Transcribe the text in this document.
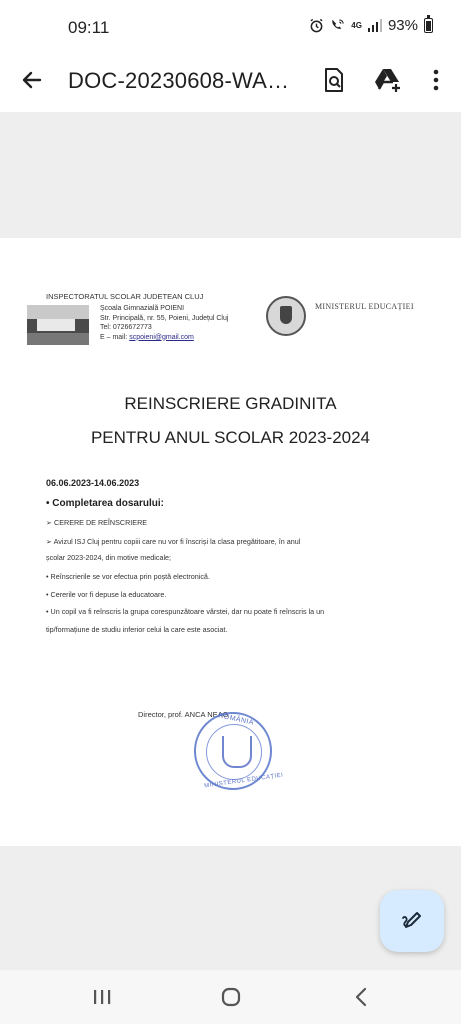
09:11	4G 93%
DOC-20230608-WA…
INSPECTORATUL SCOLAR JUDETEAN CLUJ
Școala Gimnazială POIENI
Str. Principală, nr. 55, Poieni, Județul Cluj
Tel: 0726672773
E – mail: scpoieni@gmail.com
MINISTERUL EDUCAȚIEI
REINSCRIERE GRADINITA
PENTRU ANUL SCOLAR 2023-2024
06.06.2023-14.06.2023
• Completarea dosarului:
➢ CERERE DE REÎNSCRIERE
➢ Avizul ISJ Cluj pentru copiii care nu vor fi înscriși la clasa pregătitoare, în anul
școlar 2023-2024, din motive medicale;
• Reînscrierile se vor efectua prin poștă electronică.
• Cererile vor fi depuse la educatoare.
• Un copil va fi reînscris la grupa corespunzătoare vârstei, dar nu poate fi reînscris la un
tip/formațiune de studiu inferior celui la care este asociat.
Director, prof. ANCA NEAG
ROMÂNIA
MINISTERUL EDUCAȚIEI
